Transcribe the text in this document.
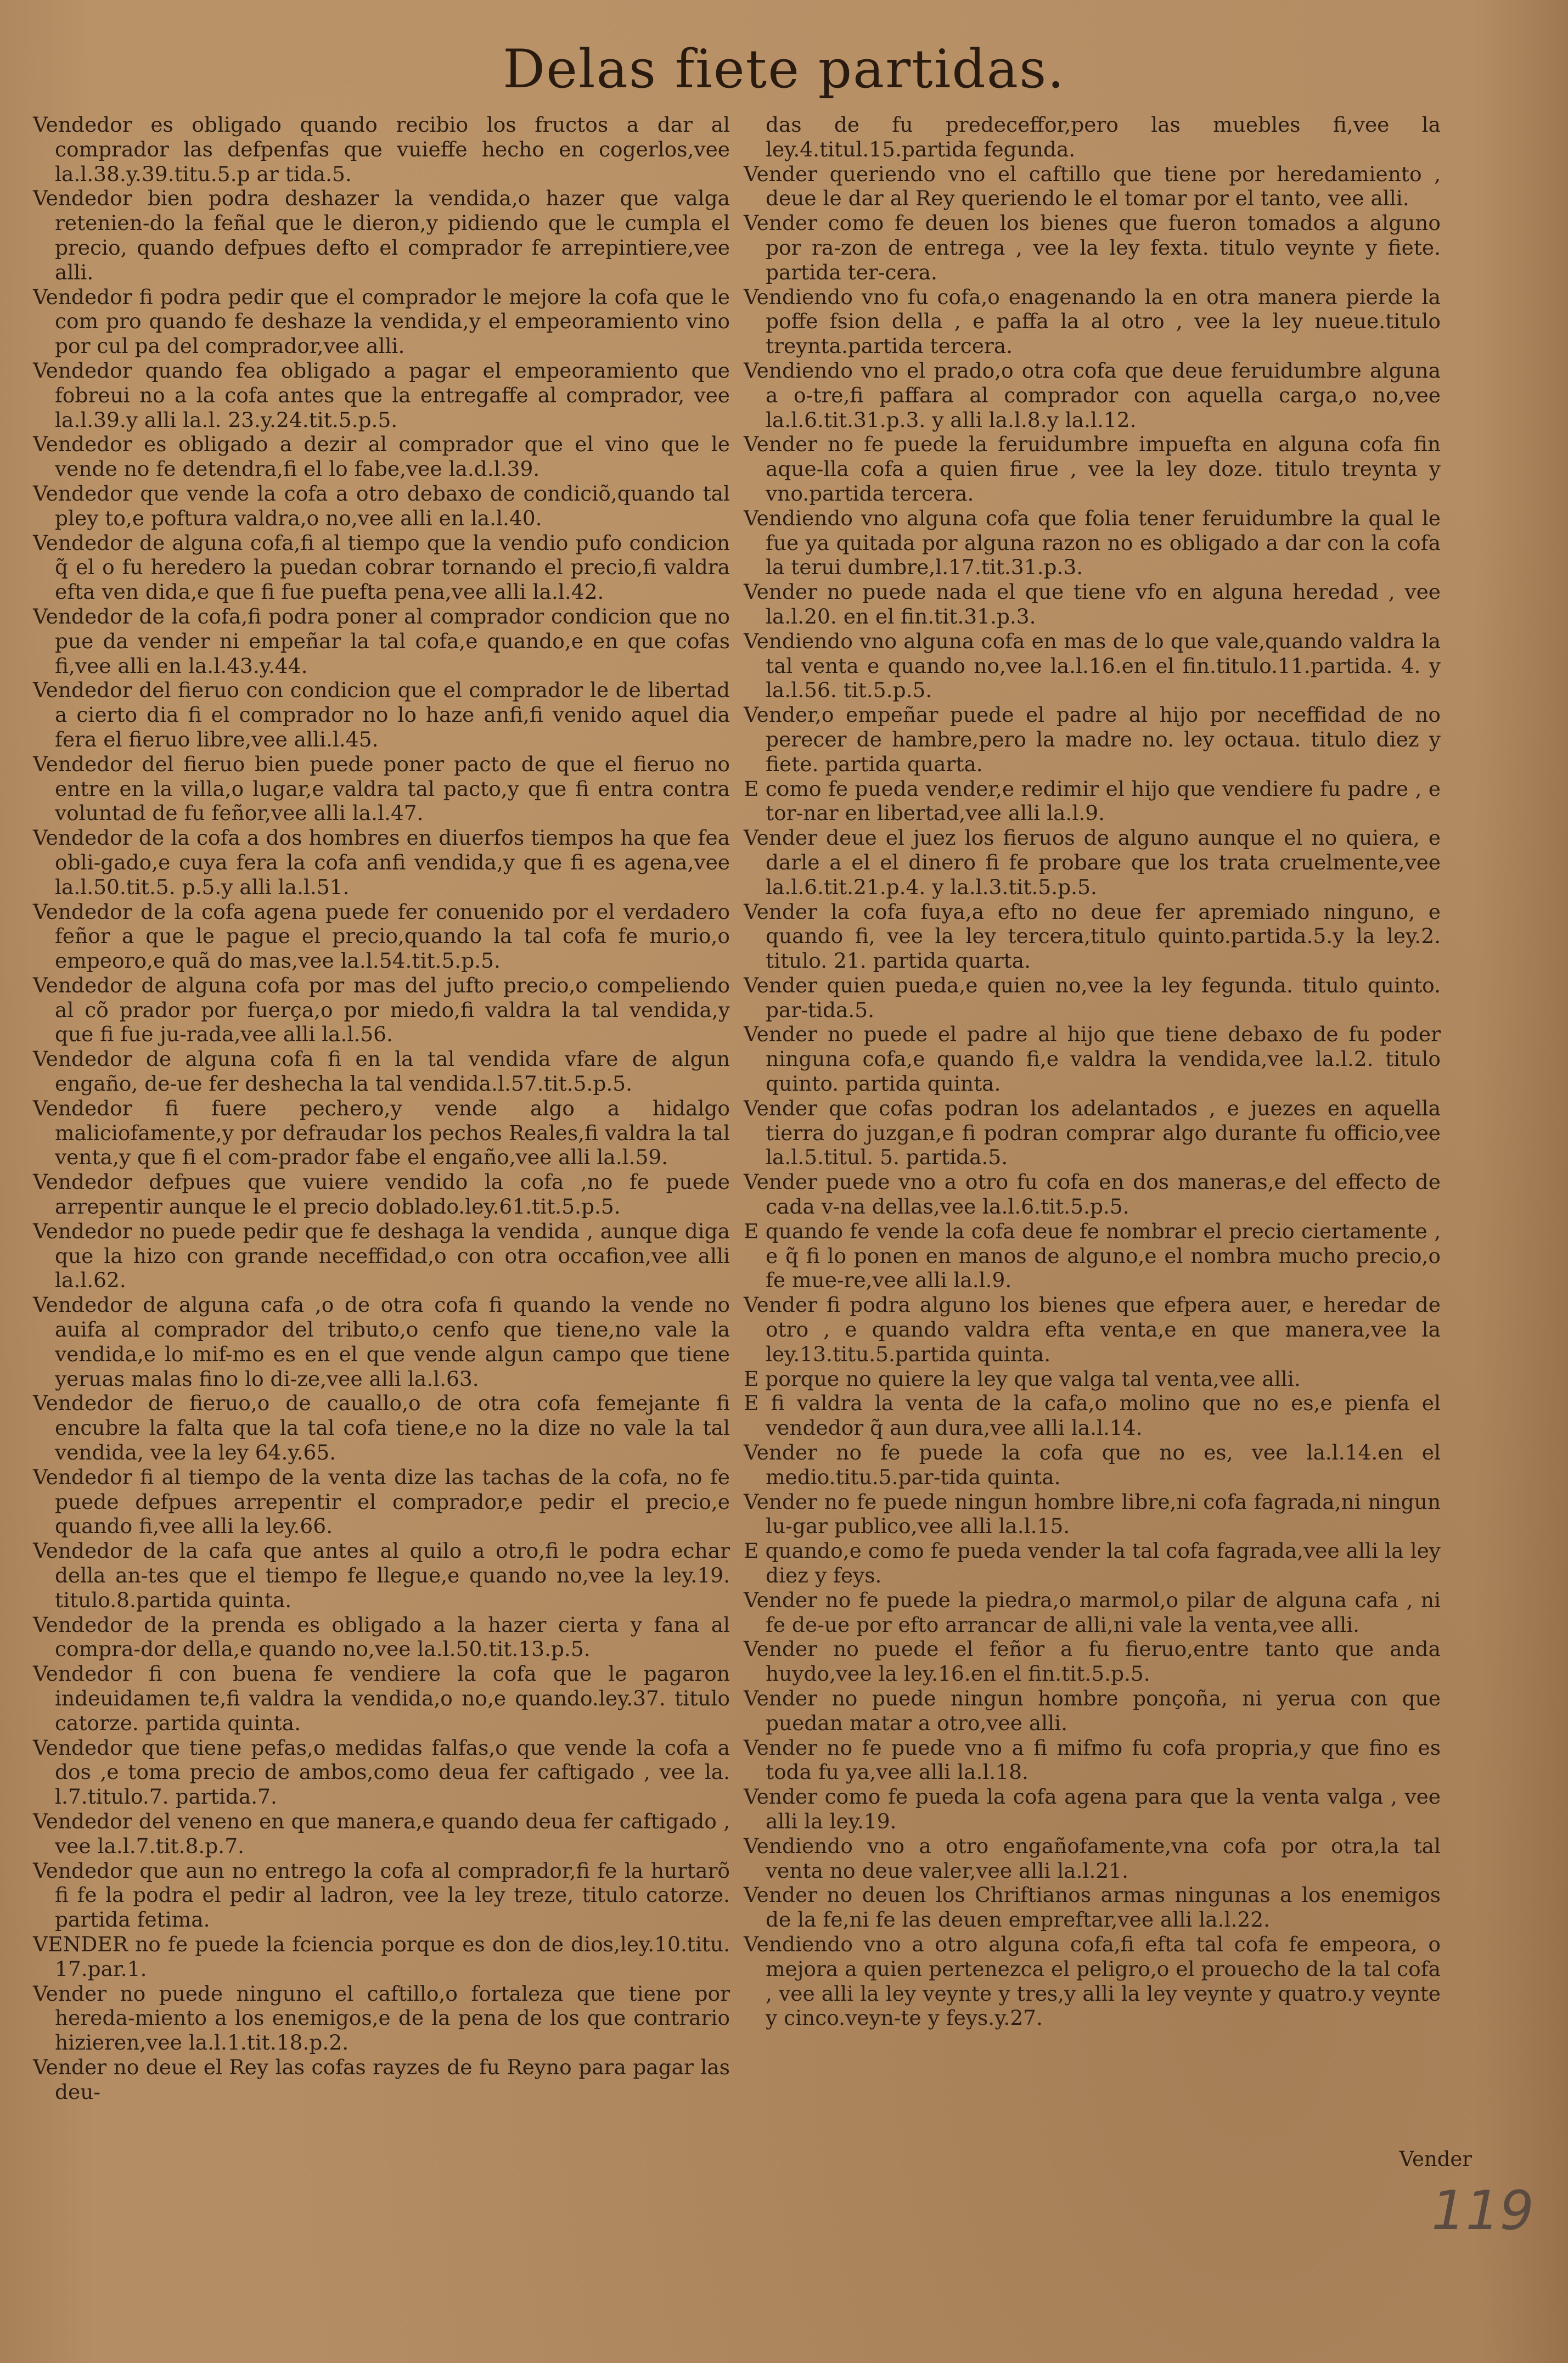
Delas fiete partidas.

Vendedor es obligado quando recibio los fructos a dar al comprador las defpenfas que vuieffe hecho en cogerlos,vee la.l.38.y.39.titu.5.p ar tida.5.

Vendedor bien podra deshazer la vendida,o hazer que valga retenien-do la feñal que le dieron,y pidiendo que le cumpla el precio, quando defpues defto el comprador fe arrepintiere,vee alli.

Vendedor fi podra pedir que el comprador le mejore la cofa que le com pro quando fe deshaze la vendida,y el empeoramiento vino por cul pa del comprador,vee alli.

Vendedor quando fea obligado a pagar el empeoramiento que fobreui no a la cofa antes que la entregaffe al comprador, vee la.l.39.y alli la.l. 23.y.24.tit.5.p.5.

Vendedor es obligado a dezir al comprador que el vino que le vende no fe detendra,fi el lo fabe,vee la.d.l.39.

Vendedor que vende la cofa a otro debaxo de condiciõ,quando tal pley to,e poftura valdra,o no,vee alli en la.l.40.

Vendedor de alguna cofa,fi al tiempo que la vendio pufo condicion q̃ el o fu heredero la puedan cobrar tornando el precio,fi valdra efta ven dida,e que fi fue puefta pena,vee alli la.l.42.

Vendedor de la cofa,fi podra poner al comprador condicion que no pue da vender ni empeñar la tal cofa,e quando,e en que cofas fi,vee alli en la.l.43.y.44.

Vendedor del fieruo con condicion que el comprador le de libertad a cierto dia fi el comprador no lo haze anfi,fi venido aquel dia fera el fieruo libre,vee alli.l.45.

Vendedor del fieruo bien puede poner pacto de que el fieruo no entre en la villa,o lugar,e valdra tal pacto,y que fi entra contra voluntad de fu feñor,vee alli la.l.47.

Vendedor de la cofa a dos hombres en diuerfos tiempos ha que fea obli-gado,e cuya fera la cofa anfi vendida,y que fi es agena,vee la.l.50.tit.5. p.5.y alli la.l.51.

Vendedor de la cofa agena puede fer conuenido por el verdadero feñor a que le pague el precio,quando la tal cofa fe murio,o empeoro,e quã do mas,vee la.l.54.tit.5.p.5.

Vendedor de alguna cofa por mas del jufto precio,o compeliendo al cõ prador por fuerça,o por miedo,fi valdra la tal vendida,y que fi fue ju-rada,vee alli la.l.56.

Vendedor de alguna cofa fi en la tal vendida vfare de algun engaño, de-ue fer deshecha la tal vendida.l.57.tit.5.p.5.

Vendedor fi fuere pechero,y vende algo a hidalgo maliciofamente,y por defraudar los pechos Reales,fi valdra la tal venta,y que fi el com-prador fabe el engaño,vee alli la.l.59.

Vendedor defpues que vuiere vendido la cofa ,no fe puede arrepentir aunque le el precio doblado.ley.61.tit.5.p.5.

Vendedor no puede pedir que fe deshaga la vendida , aunque diga que la hizo con grande neceffidad,o con otra occafion,vee alli la.l.62.

Vendedor de alguna cafa ,o de otra cofa fi quando la vende no auifa al comprador del tributo,o cenfo que tiene,no vale la vendida,e lo mif-mo es en el que vende algun campo que tiene yeruas malas fino lo di-ze,vee alli la.l.63.

Vendedor de fieruo,o de cauallo,o de otra cofa femejante fi encubre la falta que la tal cofa tiene,e no la dize no vale la tal vendida, vee la ley 64.y.65.

Vendedor fi al tiempo de la venta dize las tachas de la cofa, no fe puede defpues arrepentir el comprador,e pedir el precio,e quando fi,vee alli la ley.66.

Vendedor de la cafa que antes al quilo a otro,fi le podra echar della an-tes que el tiempo fe llegue,e quando no,vee la ley.19. titulo.8.partida quinta.

Vendedor de la prenda es obligado a la hazer cierta y fana al compra-dor della,e quando no,vee la.l.50.tit.13.p.5.

Vendedor fi con buena fe vendiere la cofa que le pagaron indeuidamen te,fi valdra la vendida,o no,e quando.ley.37. titulo catorze. partida quinta.

Vendedor que tiene pefas,o medidas falfas,o que vende la cofa a dos ,e toma precio de ambos,como deua fer caftigado , vee la. l.7.titulo.7. partida.7.

Vendedor del veneno en que manera,e quando deua fer caftigado , vee la.l.7.tit.8.p.7.

Vendedor que aun no entrego la cofa al comprador,fi fe la hurtarõ fi fe la podra el pedir al ladron, vee la ley treze, titulo catorze. partida fetima.

VENDER no fe puede la fciencia porque es don de dios,ley.10.titu. 17.par.1.

Vender no puede ninguno el caftillo,o fortaleza que tiene por hereda-miento a los enemigos,e de la pena de los que contrario hizieren,vee la.l.1.tit.18.p.2.

Vender no deue el Rey las cofas rayzes de fu Reyno para pagar las deu-

das de fu predeceffor,pero las muebles fi,vee la ley.4.titul.15.partida fegunda.

Vender queriendo vno el caftillo que tiene por heredamiento , deue le dar al Rey queriendo le el tomar por el tanto, vee alli.

Vender como fe deuen los bienes que fueron tomados a alguno por ra-zon de entrega , vee la ley fexta. titulo veynte y fiete. partida ter-cera.

Vendiendo vno fu cofa,o enagenando la en otra manera pierde la poffe fsion della , e paffa la al otro , vee la ley nueue.titulo treynta.partida tercera.

Vendiendo vno el prado,o otra cofa que deue feruidumbre alguna a o-tre,fi paffara al comprador con aquella carga,o no,vee la.l.6.tit.31.p.3. y alli la.l.8.y la.l.12.

Vender no fe puede la feruidumbre impuefta en alguna cofa fin aque-lla cofa a quien firue , vee la ley doze. titulo treynta y vno.partida tercera.

Vendiendo vno alguna cofa que folia tener feruidumbre la qual le fue ya quitada por alguna razon no es obligado a dar con la cofa la terui dumbre,l.17.tit.31.p.3.

Vender no puede nada el que tiene vfo en alguna heredad , vee la.l.20. en el fin.tit.31.p.3.

Vendiendo vno alguna cofa en mas de lo que vale,quando valdra la tal venta e quando no,vee la.l.16.en el fin.titulo.11.partida. 4. y la.l.56. tit.5.p.5.

Vender,o empeñar puede el padre al hijo por neceffidad de no perecer de hambre,pero la madre no. ley octaua. titulo diez y fiete. partida quarta.

E como fe pueda vender,e redimir el hijo que vendiere fu padre , e tor-nar en libertad,vee alli la.l.9.

Vender deue el juez los fieruos de alguno aunque el no quiera, e darle a el el dinero fi fe probare que los trata cruelmente,vee la.l.6.tit.21.p.4. y la.l.3.tit.5.p.5.

Vender la cofa fuya,a efto no deue fer apremiado ninguno, e quando fi, vee la ley tercera,titulo quinto.partida.5.y la ley.2. titulo. 21. partida quarta.

Vender quien pueda,e quien no,vee la ley fegunda. titulo quinto. par-tida.5.

Vender no puede el padre al hijo que tiene debaxo de fu poder ninguna cofa,e quando fi,e valdra la vendida,vee la.l.2. titulo quinto. partida quinta.

Vender que cofas podran los adelantados , e juezes en aquella tierra do juzgan,e fi podran comprar algo durante fu officio,vee la.l.5.titul. 5. partida.5.

Vender puede vno a otro fu cofa en dos maneras,e del effecto de cada v-na dellas,vee la.l.6.tit.5.p.5.

E quando fe vende la cofa deue fe nombrar el precio ciertamente , e q̃ fi lo ponen en manos de alguno,e el nombra mucho precio,o fe mue-re,vee alli la.l.9.

Vender fi podra alguno los bienes que efpera auer, e heredar de otro , e quando valdra efta venta,e en que manera,vee la ley.13.titu.5.partida quinta.

E porque no quiere la ley que valga tal venta,vee alli.

E fi valdra la venta de la cafa,o molino que no es,e pienfa el vendedor q̃ aun dura,vee alli la.l.14.

Vender no fe puede la cofa que no es, vee la.l.14.en el medio.titu.5.par-tida quinta.

Vender no fe puede ningun hombre libre,ni cofa fagrada,ni ningun lu-gar publico,vee alli la.l.15.

E quando,e como fe pueda vender la tal cofa fagrada,vee alli la ley diez y feys.

Vender no fe puede la piedra,o marmol,o pilar de alguna cafa , ni fe de-ue por efto arrancar de alli,ni vale la venta,vee alli.

Vender no puede el feñor a fu fieruo,entre tanto que anda huydo,vee la ley.16.en el fin.tit.5.p.5.

Vender no puede ningun hombre ponçoña, ni yerua con que puedan matar a otro,vee alli.

Vender no fe puede vno a fi mifmo fu cofa propria,y que fino es toda fu ya,vee alli la.l.18.

Vender como fe pueda la cofa agena para que la venta valga , vee alli la ley.19.

Vendiendo vno a otro engañofamente,vna cofa por otra,la tal venta no deue valer,vee alli la.l.21.

Vender no deuen los Chriftianos armas ningunas a los enemigos de la fe,ni fe las deuen empreftar,vee alli la.l.22.

Vendiendo vno a otro alguna cofa,fi efta tal cofa fe empeora, o mejora a quien pertenezca el peligro,o el prouecho de la tal cofa , vee alli la ley veynte y tres,y alli la ley veynte y quatro.y veynte y cinco.veyn-te y feys.y.27.

Vender
119
